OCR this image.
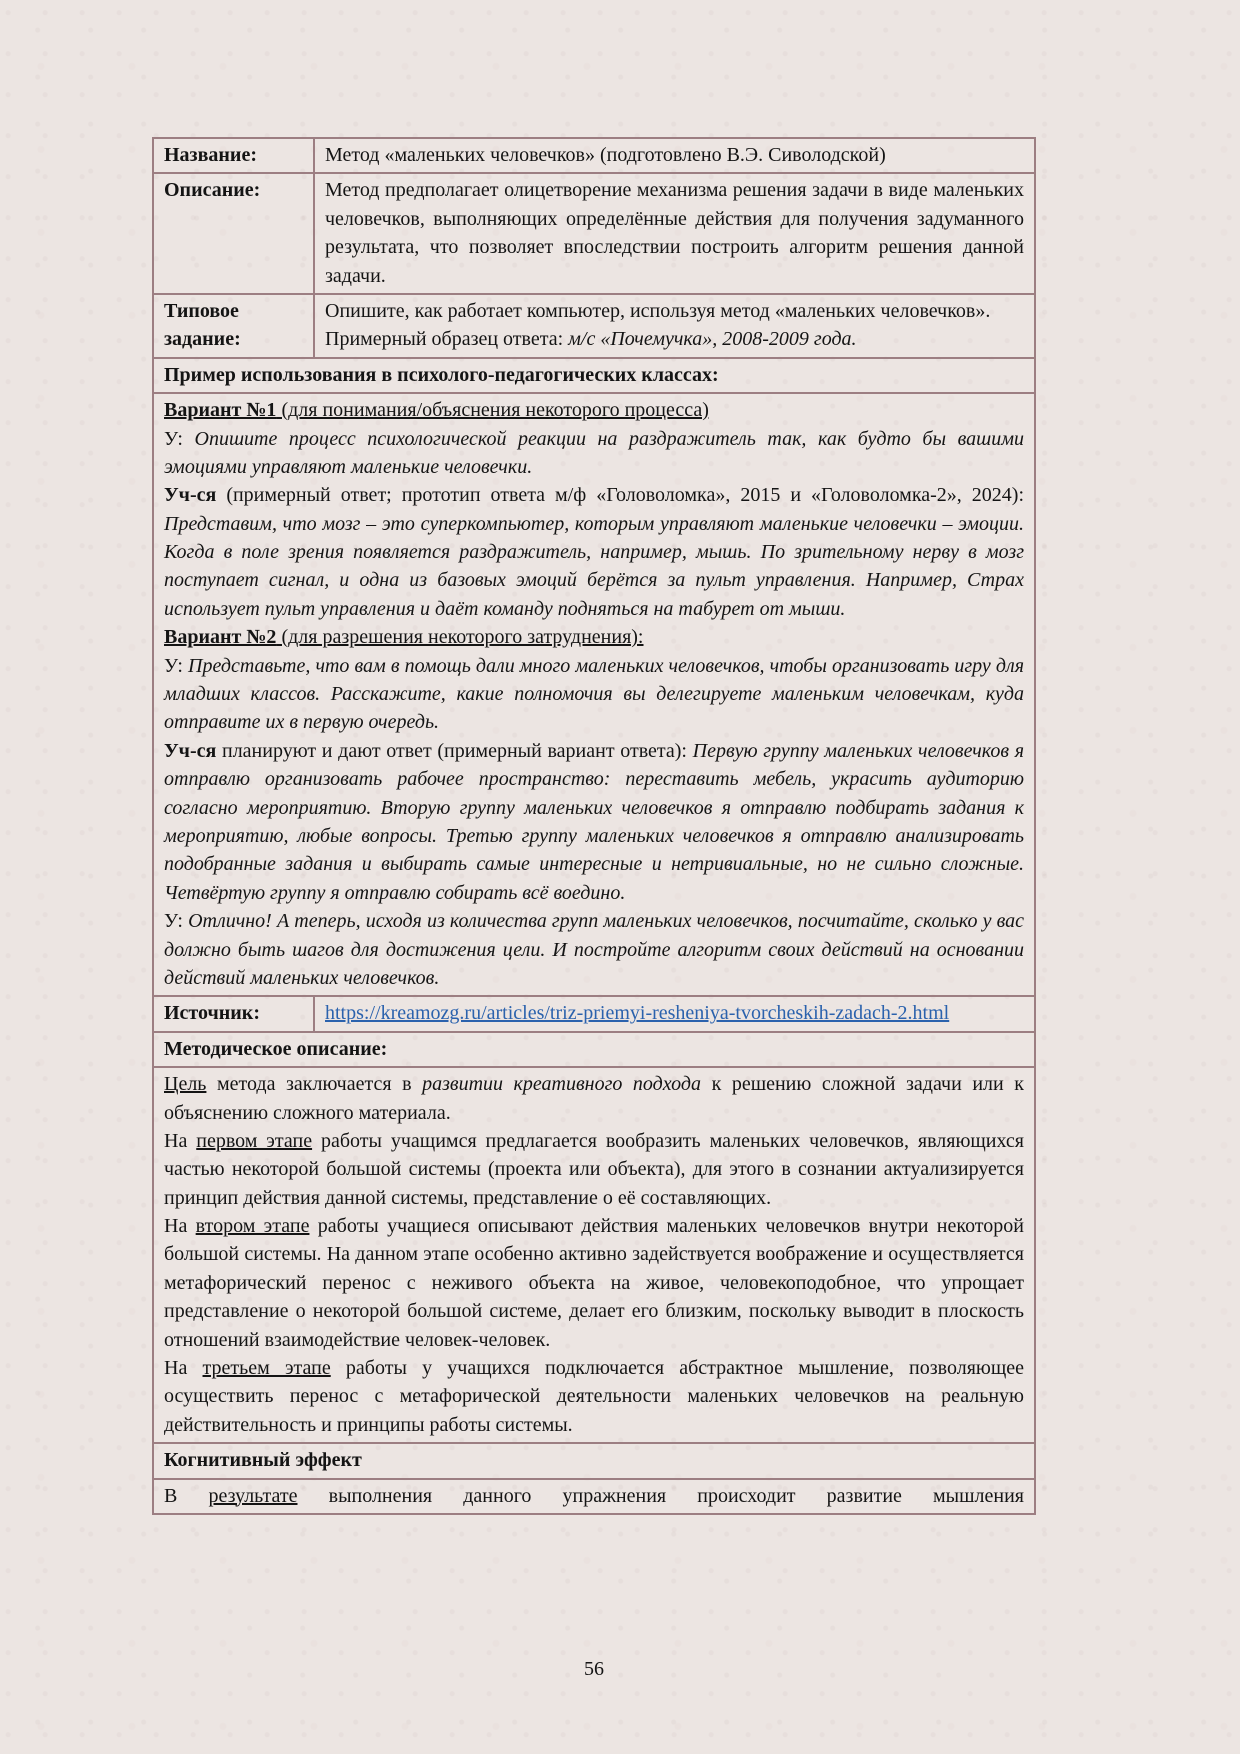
Название:	Метод «маленьких человечков» (подготовлено В.Э. Сиволодской)
Описание:	Метод предполагает олицетворение механизма решения задачи в виде маленьких человечков, выполняющих определённые действия для получения задуманного результата, что позволяет впоследствии построить алгоритм решения данной задачи.
Типовое задание:	Опишите, как работает компьютер, используя метод «маленьких человечков».

Примерный образец ответа: м/с «Почемучка», 2008-2009 года.

Пример использования в психолого-педагогических классах:	

Вариант №1 (для понимания/объяснения некоторого процесса)

У: Опишите процесс психологической реакции на раздражитель так, как будто бы вашими эмоциями управляют маленькие человечки.

Уч-ся (примерный ответ; прототип ответа м/ф «Головоломка», 2015 и «Головоломка-2», 2024): Представим, что мозг – это суперкомпьютер, которым управляют маленькие человечки – эмоции. Когда в поле зрения появляется раздражитель, например, мышь. По зрительному нерву в мозг поступает сигнал, и одна из базовых эмоций берётся за пульт управления. Например, Страх использует пульт управления и даёт команду подняться на табурет от мыши.

Вариант №2 (для разрешения некоторого затруднения):

У: Представьте, что вам в помощь дали много маленьких человечков, чтобы организовать игру для младших классов. Расскажите, какие полномочия вы делегируете маленьким человечкам, куда отправите их в первую очередь.

Уч-ся планируют и дают ответ (примерный вариант ответа): Первую группу маленьких человечков я отправлю организовать рабочее пространство: переставить мебель, украсить аудиторию согласно мероприятию. Вторую группу маленьких человечков я отправлю подбирать задания к мероприятию, любые вопросы. Третью группу маленьких человечков я отправлю анализировать подобранные задания и выбирать самые интересные и нетривиальные, но не сильно сложные. Четвёртую группу я отправлю собирать всё воедино.

У: Отлично! А теперь, исходя из количества групп маленьких человечков, посчитайте, сколько у вас должно быть шагов для достижения цели. И постройте алгоритм своих действий на основании действий маленьких человечков.

Источник:	https://kreamozg.ru/articles/triz-priemyi-resheniya-tvorcheskih-zadach-2.html
Методическое описание:	

Цель метода заключается в развитии креативного подхода к решению сложной задачи или к объяснению сложного материала.

На первом этапе работы учащимся предлагается вообразить маленьких человечков, являющихся частью некоторой большой системы (проекта или объекта), для этого в сознании актуализируется принцип действия данной системы, представление о её составляющих.

На втором этапе работы учащиеся описывают действия маленьких человечков внутри некоторой большой системы. На данном этапе особенно активно задействуется воображение и осуществляется метафорический перенос с неживого объекта на живое, человекоподобное, что упрощает представление о некоторой большой системе, делает его близким, поскольку выводит в плоскость отношений взаимодействие человек-человек.

На третьем этапе работы у учащихся подключается абстрактное мышление, позволяющее осуществить перенос с метафорической деятельности маленьких человечков на реальную действительность и принципы работы системы.	

Когнитивный эффект	

В результате выполнения данного упражнения происходит развитие мышления	

56
